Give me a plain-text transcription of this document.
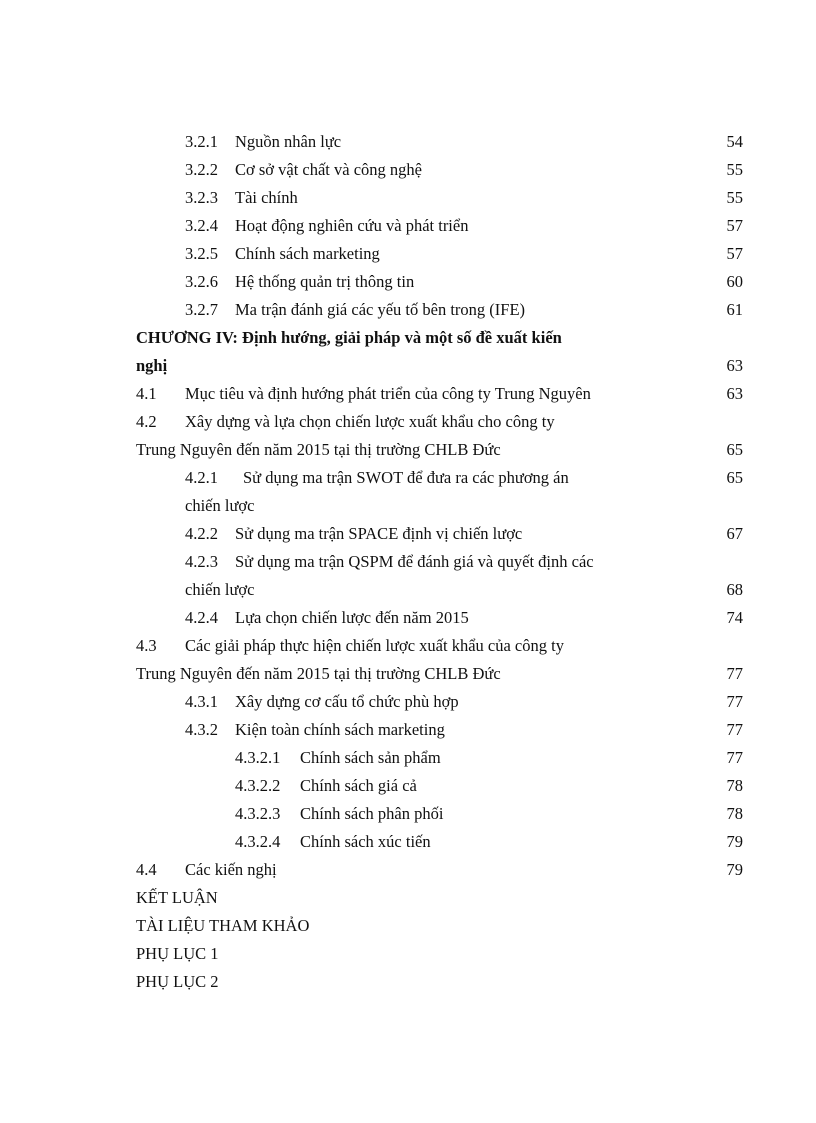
3.2.1 Nguồn nhân lực	54
3.2.2 Cơ sở vật chất và công nghệ	55
3.2.3 Tài chính	55
3.2.4 Hoạt động nghiên cứu và phát triển	57
3.2.5 Chính sách marketing	57
3.2.6 Hệ thống quản trị thông tin	60
3.2.7 Ma trận đánh giá các yếu tố bên trong (IFE)	61
CHƯƠNG IV: Định hướng, giải pháp và một số đề xuất kiến
nghị	63
4.1 Mục tiêu và định hướng phát triển của công ty Trung Nguyên	63
4.2 Xây dựng và lựa chọn chiến lược xuất khẩu cho công ty
Trung Nguyên đến năm 2015 tại thị trường CHLB Đức	65
4.2.1 Sử dụng ma trận SWOT để đưa ra các phương án	65
chiến lược
4.2.2 Sử dụng ma trận SPACE định vị chiến lược	67
4.2.3 Sử dụng ma trận QSPM để đánh giá và quyết định các
chiến lược	68
4.2.4 Lựa chọn chiến lược đến năm 2015	74
4.3 Các giải pháp thực hiện chiến lược xuất khẩu của công ty
Trung Nguyên đến năm 2015 tại thị trường CHLB Đức	77
4.3.1 Xây dựng cơ cấu tổ chức phù hợp	77
4.3.2 Kiện toàn chính sách marketing	77
4.3.2.1 Chính sách sản phẩm	77
4.3.2.2 Chính sách giá cả	78
4.3.2.3 Chính sách phân phối	78
4.3.2.4 Chính sách xúc tiến	79
4.4 Các kiến nghị	79
KẾT LUẬN
TÀI LIỆU THAM KHẢO
PHỤ LỤC 1
PHỤ LỤC 2
